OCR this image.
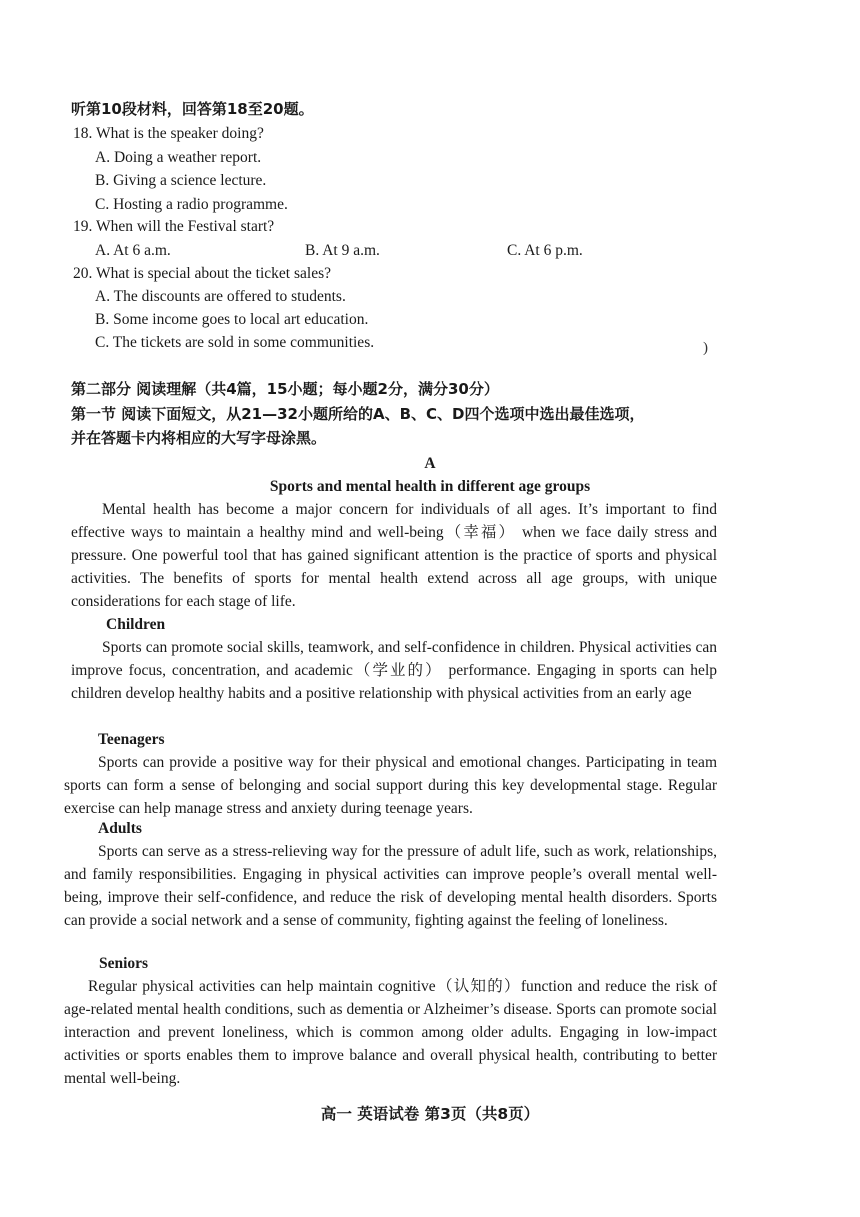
听第10段材料，回答第18至20题。
18. What is the speaker doing?
A. Doing a weather report.
B. Giving a science lecture.
C. Hosting a radio programme.
19. When will the Festival start?
A. At 6 a.m.	B. At 9 a.m.	C. At 6 p.m.
20. What is special about the ticket sales?
A. The discounts are offered to students.
B. Some income goes to local art education.
C. The tickets are sold in some communities.	)
第二部分 阅读理解（共4篇，15小题；每小题2分，满分30分）
第一节 阅读下面短文，从21—32小题所给的A、B、C、D四个选项中选出最佳选项，
并在答题卡内将相应的大写字母涂黑。
A
Sports and mental health in different age groups
Mental health has become a major concern for individuals of all ages. It’s important to find effective ways to maintain a healthy mind and well-being（幸福） when we face daily stress and pressure. One powerful tool that has gained significant attention is the practice of sports and physical activities. The benefits of sports for mental health extend across all age groups, with unique considerations for each stage of life.
Children
Sports can promote social skills, teamwork, and self-confidence in children. Physical activities can improve focus, concentration, and academic（学业的） performance. Engaging in sports can help children develop healthy habits and a positive relationship with physical activities from an early age
Teenagers
Sports can provide a positive way for their physical and emotional changes. Participating in team sports can form a sense of belonging and social support during this key developmental stage. Regular exercise can help manage stress and anxiety during teenage years.
Adults
Sports can serve as a stress-relieving way for the pressure of adult life, such as work, relationships, and family responsibilities. Engaging in physical activities can improve people’s overall mental well-being, improve their self-confidence, and reduce the risk of developing mental health disorders. Sports can provide a social network and a sense of community, fighting against the feeling of loneliness.
Seniors
Regular physical activities can help maintain cognitive（认知的）function and reduce the risk of age-related mental health conditions, such as dementia or Alzheimer’s disease. Sports can promote social interaction and prevent loneliness, which is common among older adults. Engaging in low-impact activities or sports enables them to improve balance and overall physical health, contributing to better mental well-being.
高一 英语试卷 第3页（共8页）
